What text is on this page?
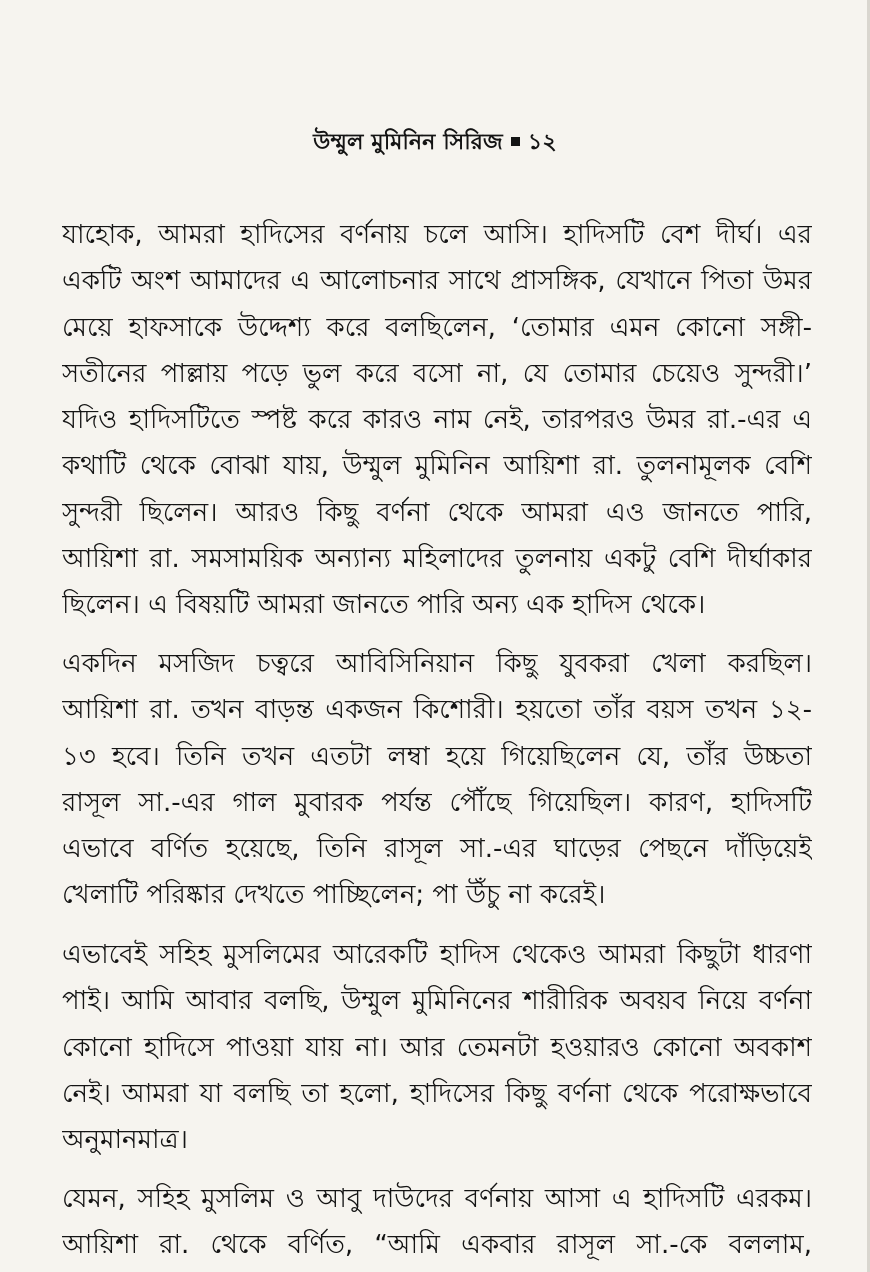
উম্মুল মুমিনিন সিরিজ ১২
যাহোক, আমরা হাদিসের বর্ণনায় চলে আসি। হাদিসটি বেশ দীর্ঘ। এর
একটি অংশ আমাদের এ আলোচনার সাথে প্রাসঙ্গিক, যেখানে পিতা উমর
মেয়ে হাফসাকে উদ্দেশ্য করে বলছিলেন, ‘তোমার এমন কোনো সঙ্গী-
সতীনের পাল্লায় পড়ে ভুল করে বসো না, যে তোমার চেয়েও সুন্দরী।’
যদিও হাদিসটিতে স্পষ্ট করে কারও নাম নেই, তারপরও উমর রা.-এর এ
কথাটি থেকে বোঝা যায়, উম্মুল মুমিনিন আয়িশা রা. তুলনামূলক বেশি
সুন্দরী ছিলেন। আরও কিছু বর্ণনা থেকে আমরা এও জানতে পারি,
আয়িশা রা. সমসাময়িক অন্যান্য মহিলাদের তুলনায় একটু বেশি দীর্ঘাকার
ছিলেন। এ বিষয়টি আমরা জানতে পারি অন্য এক হাদিস থেকে।
একদিন মসজিদ চত্বরে আবিসিনিয়ান কিছু যুবকরা খেলা করছিল।
আয়িশা রা. তখন বাড়ন্ত একজন কিশোরী। হয়তো তাঁর বয়স তখন ১২-
১৩ হবে। তিনি তখন এতটা লম্বা হয়ে গিয়েছিলেন যে, তাঁর উচ্চতা
রাসূল সা.-এর গাল মুবারক পর্যন্ত পৌঁছে গিয়েছিল। কারণ, হাদিসটি
এভাবে বর্ণিত হয়েছে, তিনি রাসূল সা.-এর ঘাড়ের পেছনে দাঁড়িয়েই
খেলাটি পরিষ্কার দেখতে পাচ্ছিলেন; পা উঁচু না করেই।
এভাবেই সহিহ মুসলিমের আরেকটি হাদিস থেকেও আমরা কিছুটা ধারণা
পাই। আমি আবার বলছি, উম্মুল মুমিনিনের শারীরিক অবয়ব নিয়ে বর্ণনা
কোনো হাদিসে পাওয়া যায় না। আর তেমনটা হওয়ারও কোনো অবকাশ
নেই। আমরা যা বলছি তা হলো, হাদিসের কিছু বর্ণনা থেকে পরোক্ষভাবে
অনুমানমাত্র।
যেমন, সহিহ মুসলিম ও আবু দাউদের বর্ণনায় আসা এ হাদিসটি এরকম।
আয়িশা রা. থেকে বর্ণিত, “আমি একবার রাসূল সা.-কে বললাম,
